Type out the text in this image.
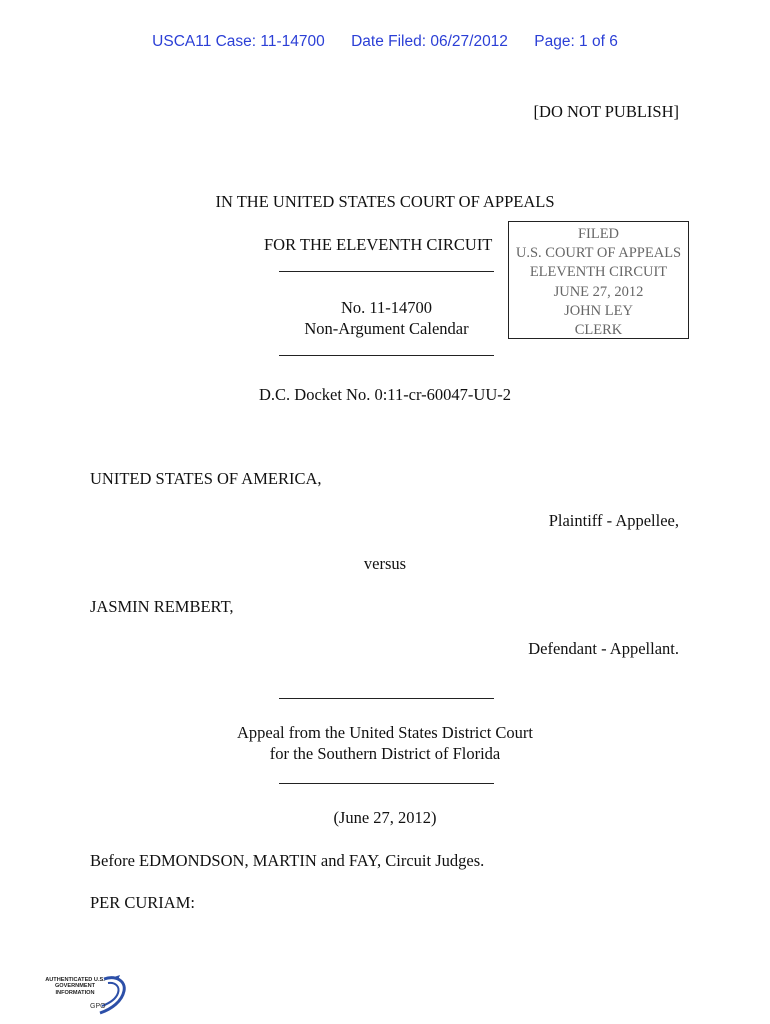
USCA11 Case: 11-14700 Date Filed: 06/27/2012 Page: 1 of 6
[DO NOT PUBLISH]
IN THE UNITED STATES COURT OF APPEALS
FOR THE ELEVENTH CIRCUIT
FILED
U.S. COURT OF APPEALS
ELEVENTH CIRCUIT
JUNE 27, 2012
JOHN LEY
CLERK
No. 11-14700
Non-Argument Calendar
D.C. Docket No. 0:11-cr-60047-UU-2
UNITED STATES OF AMERICA,
Plaintiff - Appellee,
versus
JASMIN REMBERT,
Defendant - Appellant.
Appeal from the United States District Court
for the Southern District of Florida
(June 27, 2012)
Before EDMONDSON, MARTIN and FAY, Circuit Judges.
PER CURIAM:
AUTHENTICATED U.S. GOVERNMENT INFORMATION
GPO
